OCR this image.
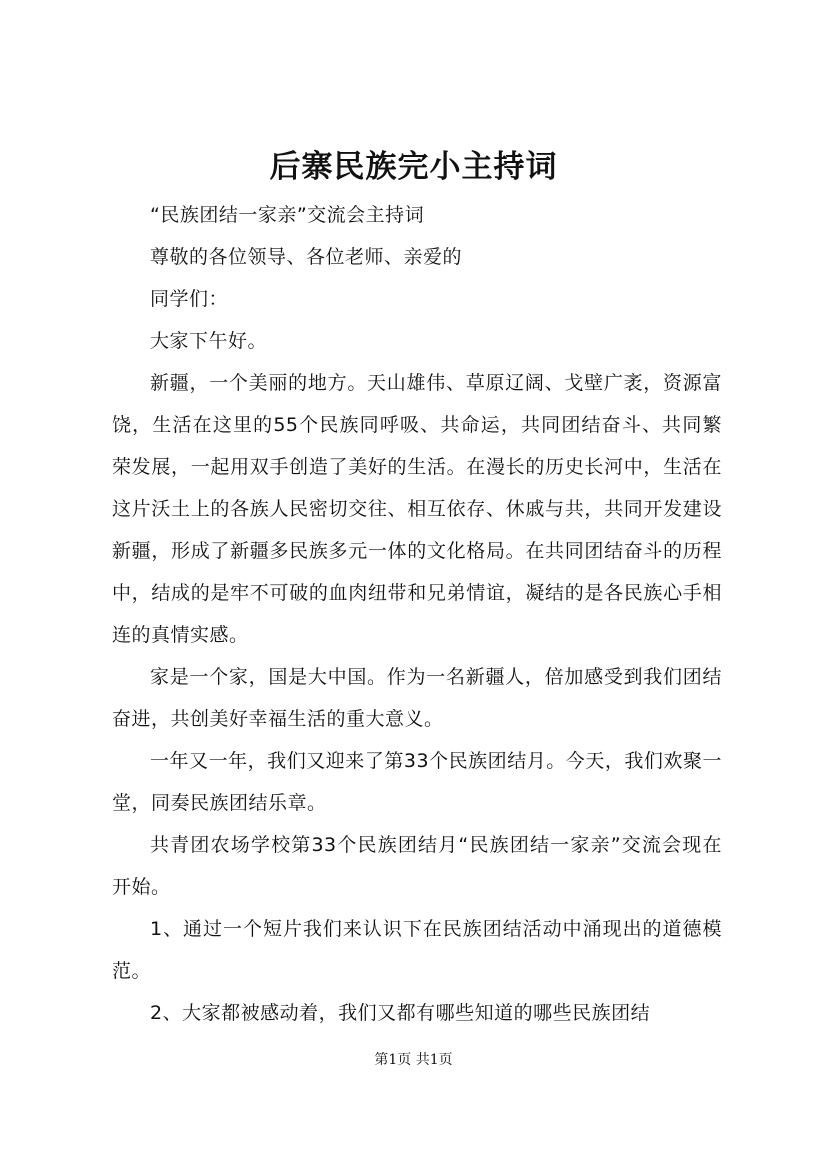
后寨民族完小主持词

“民族团结一家亲”交流会主持词

尊敬的各位领导、各位老师、亲爱的

同学们：

大家下午好。

新疆，一个美丽的地方。天山雄伟、草原辽阔、戈壁广袤，资源富饶，生活在这里的55个民族同呼吸、共命运，共同团结奋斗、共同繁荣发展，一起用双手创造了美好的生活。在漫长的历史长河中，生活在这片沃土上的各族人民密切交往、相互依存、休戚与共，共同开发建设新疆，形成了新疆多民族多元一体的文化格局。在共同团结奋斗的历程中，结成的是牢不可破的血肉纽带和兄弟情谊，凝结的是各民族心手相连的真情实感。

家是一个家，国是大中国。作为一名新疆人，倍加感受到我们团结奋进，共创美好幸福生活的重大意义。

一年又一年，我们又迎来了第33个民族团结月。今天，我们欢聚一堂，同奏民族团结乐章。

共青团农场学校第33个民族团结月“民族团结一家亲”交流会现在开始。

1、通过一个短片我们来认识下在民族团结活动中涌现出的道德模范。

2、大家都被感动着，我们又都有哪些知道的哪些民族团结

第1页 共1页
